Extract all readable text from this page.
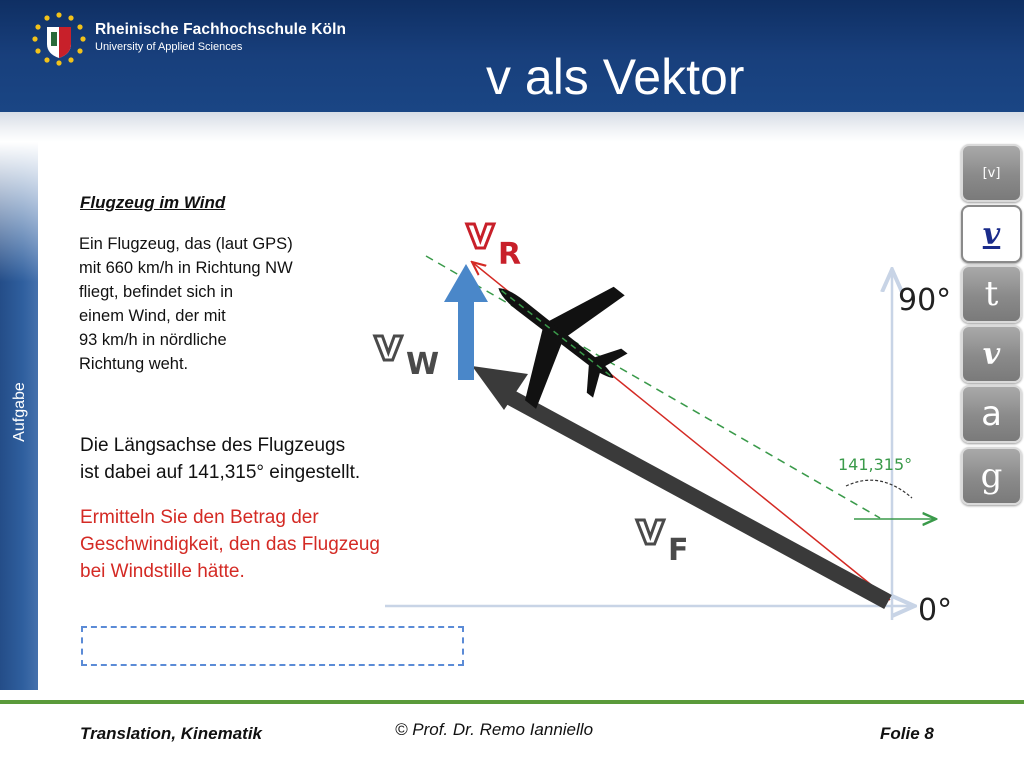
Rheinische Fachhochschule Köln
University of Applied Sciences
v als Vektor
Aufgabe
Flugzeug im Wind
Ein Flugzeug, das (laut GPS)
mit 660 km/h in Richtung NW
fliegt, befindet sich in
einem Wind, der mit
93 km/h in nördliche
Richtung weht.
Die Längsachse des Flugzeugs
ist dabei auf 141,315° eingestellt.
Ermitteln Sie den Betrag der
Geschwindigkeit, den das Flugzeug
bei Windstille hätte.
v R
v W
v F
90°
0°
141,315°
[v]
v
t
v
a
g
Translation, Kinematik	© Prof. Dr. Remo Ianniello	Folie 8
